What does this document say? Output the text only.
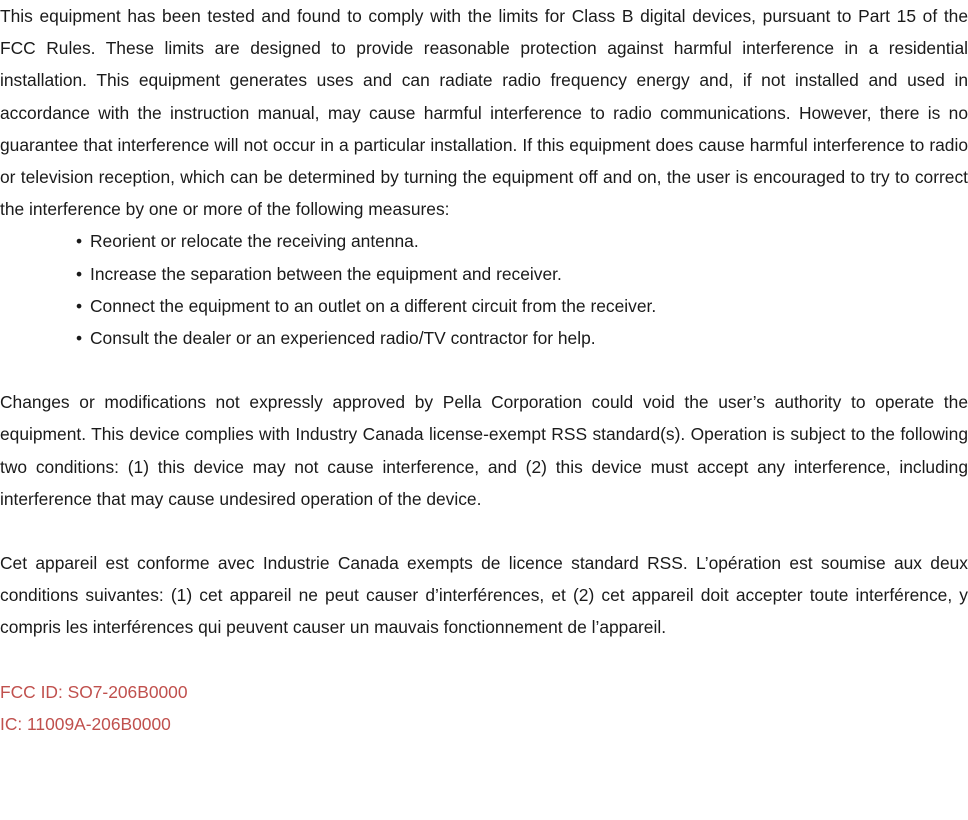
This equipment has been tested and found to comply with the limits for Class B digital devices, pursuant to Part 15 of the FCC Rules. These limits are designed to provide reasonable protection against harmful interference in a residential installation. This equipment generates uses and can radiate radio frequency energy and, if not installed and used in accordance with the instruction manual, may cause harmful interference to radio communications. However, there is no guarantee that interference will not occur in a particular installation. If this equipment does cause harmful interference to radio or television reception, which can be determined by turning the equipment off and on, the user is encouraged to try to correct the interference by one or more of the following measures:

• Reorient or relocate the receiving antenna.
• Increase the separation between the equipment and receiver.
• Connect the equipment to an outlet on a different circuit from the receiver.
• Consult the dealer or an experienced radio/TV contractor for help.

Changes or modifications not expressly approved by Pella Corporation could void the user’s authority to operate the equipment. This device complies with Industry Canada license-exempt RSS standard(s). Operation is subject to the following two conditions: (1) this device may not cause interference, and (2) this device must accept any interference, including interference that may cause undesired operation of the device.

Cet appareil est conforme avec Industrie Canada exempts de licence standard RSS. L’opération est soumise aux deux conditions suivantes: (1) cet appareil ne peut causer d’interférences, et (2) cet appareil doit accepter toute interférence, y compris les interférences qui peuvent causer un mauvais fonctionnement de l’appareil.

FCC ID: SO7-206B0000
IC: 11009A-206B0000
